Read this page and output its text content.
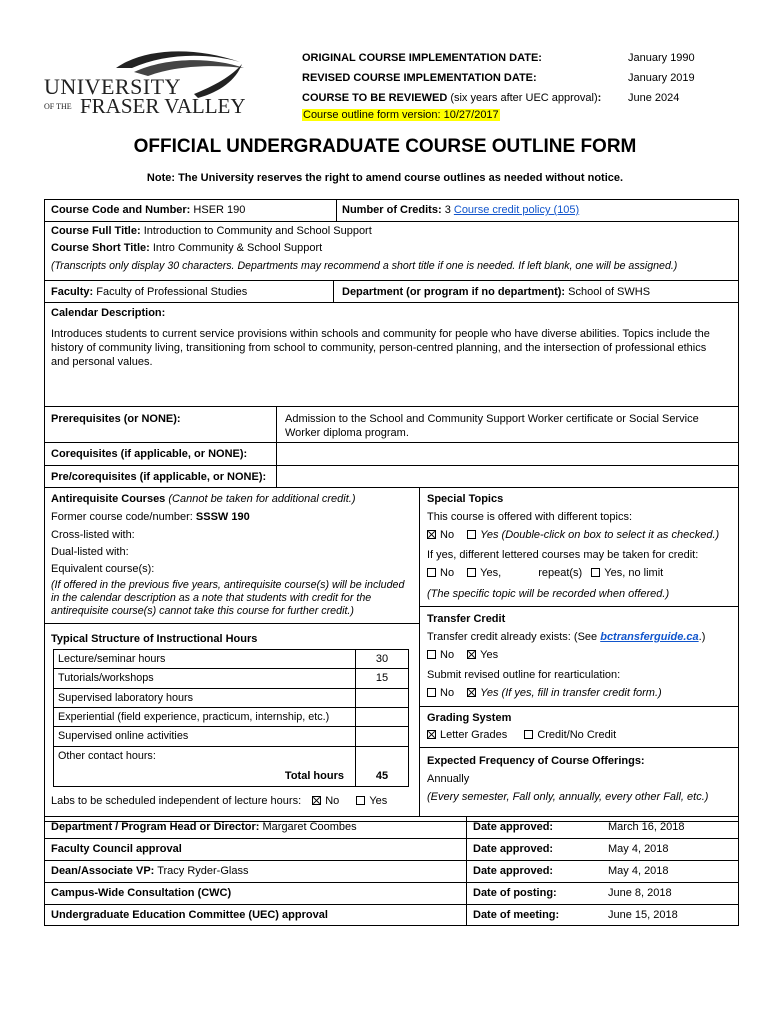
UNIVERSITY
OF THE FRASER VALLEY
ORIGINAL COURSE IMPLEMENTATION DATE:	January 1990
REVISED COURSE IMPLEMENTATION DATE:	January 2019
COURSE TO BE REVIEWED (six years after UEC approval): June 2024
Course outline form version: 10/27/2017
OFFICIAL UNDERGRADUATE COURSE OUTLINE FORM
Note: The University reserves the right to amend course outlines as needed without notice.
Course Code and Number: HSER 190	Number of Credits: 3 Course credit policy (105)
Course Full Title: Introduction to Community and School Support
Course Short Title: Intro Community & School Support
(Transcripts only display 30 characters. Departments may recommend a short title if one is needed. If left blank, one will be assigned.)
Faculty: Faculty of Professional Studies	Department (or program if no department): School of SWHS
Calendar Description:
Introduces students to current service provisions within schools and community for people who have diverse abilities. Topics include the history of community living, transitioning from school to community, person-centred planning, and the intersection of professional ethics and personal values.
Prerequisites (or NONE):	Admission to the School and Community Support Worker certificate or Social Service Worker diploma program.
Corequisites (if applicable, or NONE):
Pre/corequisites (if applicable, or NONE):
Antirequisite Courses (Cannot be taken for additional credit.)
Former course code/number: SSSW 190
Cross-listed with:
Dual-listed with:
Equivalent course(s):
(If offered in the previous five years, antirequisite course(s) will be included in the calendar description as a note that students with credit for the antirequisite course(s) cannot take this course for further credit.)
Typical Structure of Instructional Hours
Lecture/seminar hours	30
Tutorials/workshops	15
Supervised laboratory hours
Experiential (field experience, practicum, internship, etc.)
Supervised online activities
Other contact hours:
Total hours	45
Labs to be scheduled independent of lecture hours: No	Yes
Special Topics
This course is offered with different topics:
No Yes (Double-click on box to select it as checked.)
If yes, different lettered courses may be taken for credit:
No Yes,	repeat(s) Yes, no limit
(The specific topic will be recorded when offered.)
Transfer Credit
Transfer credit already exists: (See bctransferguide.ca.)
No Yes
Submit revised outline for rearticulation:
No Yes (If yes, fill in transfer credit form.)
Grading System
Letter Grades	Credit/No Credit
Expected Frequency of Course Offerings:
Annually
(Every semester, Fall only, annually, every other Fall, etc.)
Department / Program Head or Director: Margaret Coombes	Date approved:	March 16, 2018
Faculty Council approval	Date approved:	May 4, 2018
Dean/Associate VP: Tracy Ryder-Glass	Date approved:	May 4, 2018
Campus-Wide Consultation (CWC)	Date of posting:	June 8, 2018
Undergraduate Education Committee (UEC) approval	Date of meeting:	June 15, 2018
